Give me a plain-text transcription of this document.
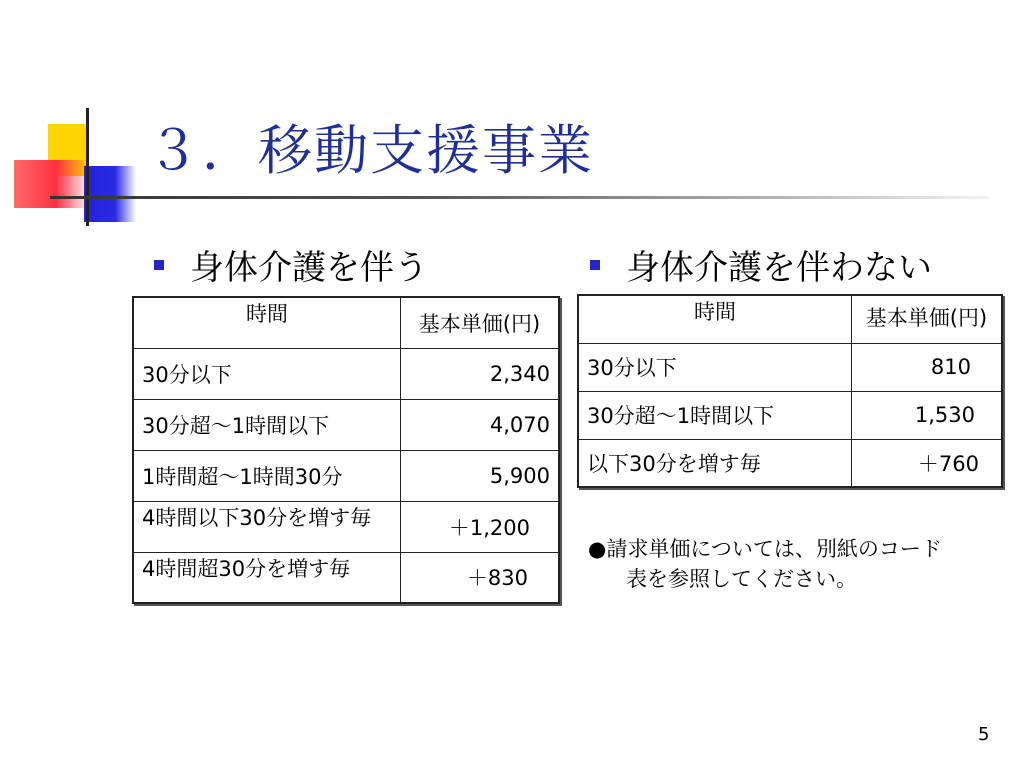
３．移動支援事業
身体介護を伴う	身体介護を伴わない
時間	基本単価(円)
30分以下	2,340
30分超～1時間以下	4,070
1時間超～1時間30分	5,900
4時間以下30分を増す毎	＋1,200
4時間超30分を増す毎	＋830
時間	基本単価(円)
30分以下	810
30分超～1時間以下	1,530
以下30分を増す毎	＋760
●請求単価については、別紙のコード
表を参照してください。
5
